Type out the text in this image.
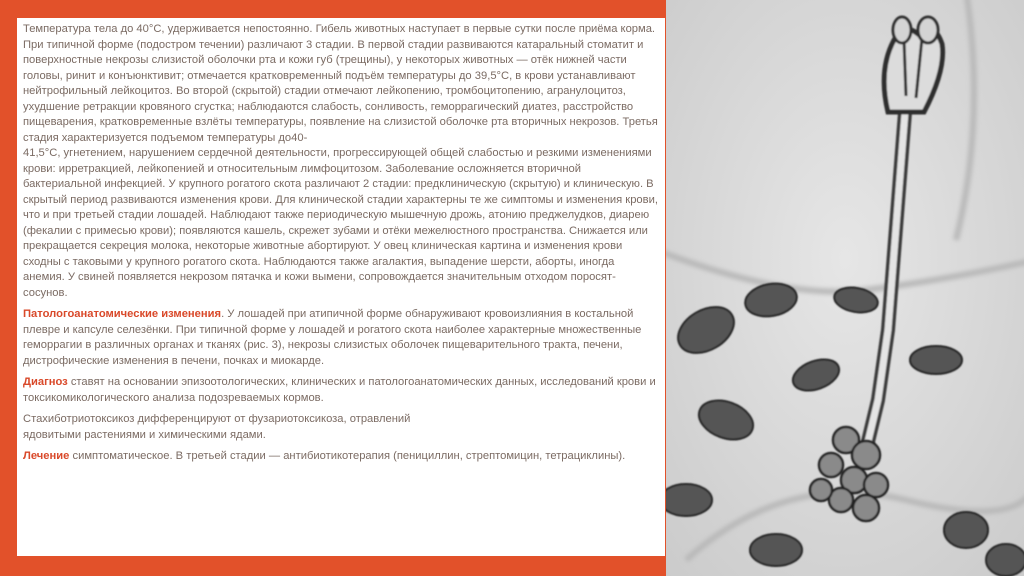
Температура тела до 40°С, удерживается непостоянно. Гибель животных наступает в первые сутки после приёма корма. При типичной форме (подостром течении) различают 3 стадии. В первой стадии развиваются катаральный стоматит и поверхностные некрозы слизистой оболочки рта и кожи губ (трещины), у некоторых животных — отёк нижней части головы, ринит и конъюнктивит; отмечается кратковременный подъём температуры до 39,5°С, в крови устанавливают нейтрофильный лейкоцитоз. Во второй (скрытой) стадии отмечают лейкопению, тромбоцитопению, агранулоцитоз, ухудшение ретракции кровяного сгустка; наблюдаются слабость, сонливость, геморрагический диатез, расстройство пищеварения, кратковременные взлёты температуры, появление на слизистой оболочке рта вторичных некрозов. Третья стадия характеризуется подъемом температуры до40-
41,5°С, угнетением, нарушением сердечной деятельности, прогрессирующей общей слабостью и резкими изменениями крови: ирретракцией, лейкопенией и относительным лимфоцитозом. Заболевание осложняется вторичной бактериальной инфекцией. У крупного рогатого скота различают 2 стадии: предклиническую (скрытую) и клиническую. В скрытый период развиваются изменения крови. Для клинической стадии характерны те же симптомы и изменения крови, что и при третьей стадии лошадей. Наблюдают также периодическую мышечную дрожь, атонию преджелудков, диарею (фекалии с примесью крови); появляются кашель, скрежет зубами и отёки межелюстного пространства. Снижается или прекращается секреция молока, некоторые животные абортируют. У овец клиническая картина и изменения крови сходны с таковыми у крупного рогатого скота. Наблюдаются также агалактия, выпадение шерсти, аборты, иногда анемия. У свиней появляется некрозом пятачка и кожи вымени, сопровождается значительным отходом поросят-сосунов.

Патологоанатомические изменения. У лошадей при атипичной форме обнаруживают кровоизлияния в костальной плевре и капсуле селезёнки. При типичной форме у лошадей и рогатого скота наиболее характерные множественные геморрагии в различных органах и тканях (рис. 3), некрозы слизистых оболочек пищеварительного тракта, печени, дистрофические изменения в печени, почках и миокарде.

Диагноз ставят на основании эпизоотологических, клинических и патологоанатомических данных, исследований крови и токсикомикологического анализа подозреваемых кормов.

Стахиботриотоксикоз дифференцируют от фузариотоксикоза, отравлений
ядовитыми растениями и химическими ядами.

Лечение симптоматическое. В третьей стадии — антибиотикотерапия (пенициллин, стрептомицин, тетрациклины).
